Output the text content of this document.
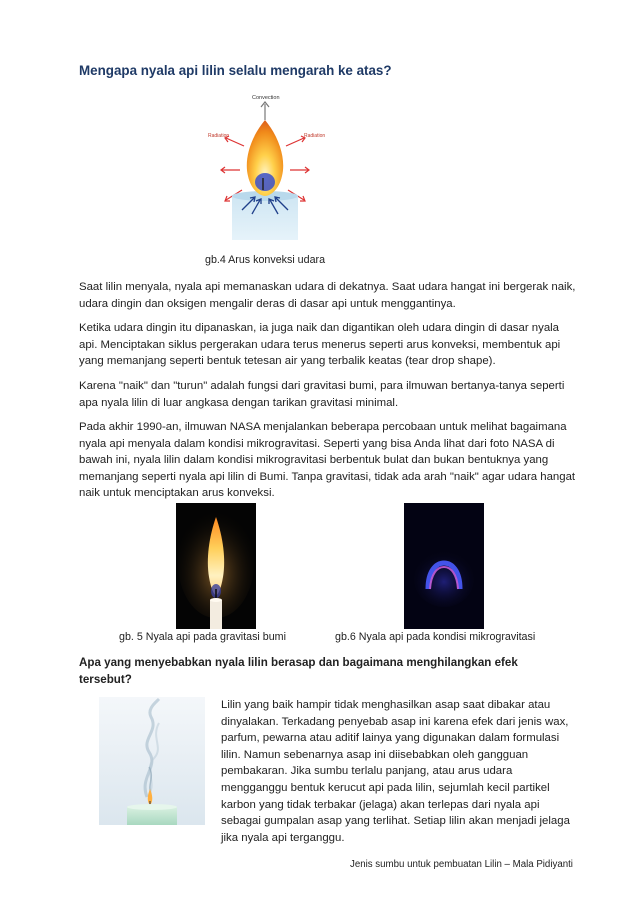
Mengapa nyala api lilin selalu mengarah ke atas?
Convection
Radiation	Radiation

gb.4 Arus konveksi udara

Saat lilin menyala, nyala api memanaskan udara di dekatnya. Saat udara hangat ini bergerak naik, udara dingin dan oksigen mengalir deras di dasar api untuk menggantinya.

Ketika udara dingin itu dipanaskan, ia juga naik dan digantikan oleh udara dingin di dasar nyala api. Menciptakan siklus pergerakan udara terus menerus seperti arus konveksi, membentuk api yang memanjang seperti bentuk tetesan air yang terbalik keatas (tear drop shape).

Karena "naik" dan "turun" adalah fungsi dari gravitasi bumi, para ilmuwan bertanya-tanya seperti apa nyala lilin di luar angkasa dengan tarikan gravitasi minimal.

Pada akhir 1990-an, ilmuwan NASA menjalankan beberapa percobaan untuk melihat bagaimana nyala api menyala dalam kondisi mikrogravitasi. Seperti yang bisa Anda lihat dari foto NASA di bawah ini, nyala lilin dalam kondisi mikrogravitasi berbentuk bulat dan bukan bentuknya yang memanjang seperti nyala api lilin di Bumi. Tanpa gravitasi, tidak ada arah "naik" agar udara hangat naik untuk menciptakan arus konveksi.

gb. 5 Nyala api pada gravitasi bumi	gb.6 Nyala api pada kondisi mikrogravitasi

Apa yang menyebabkan nyala lilin berasap dan bagaimana menghilangkan efek tersebut?

Lilin yang baik hampir tidak menghasilkan asap saat dibakar atau dinyalakan. Terkadang penyebab asap ini karena efek dari jenis wax, parfum, pewarna atau aditif lainya yang digunakan dalam formulasi lilin. Namun sebenarnya asap ini diisebabkan oleh gangguan pembakaran. Jika sumbu terlalu panjang, atau arus udara mengganggu bentuk kerucut api pada lilin, sejumlah kecil partikel karbon yang tidak terbakar (jelaga) akan terlepas dari nyala api sebagai gumpalan asap yang terlihat. Setiap lilin akan menjadi jelaga jika nyala api terganggu.

Jenis sumbu untuk pembuatan Lilin – Mala Pidiyanti
